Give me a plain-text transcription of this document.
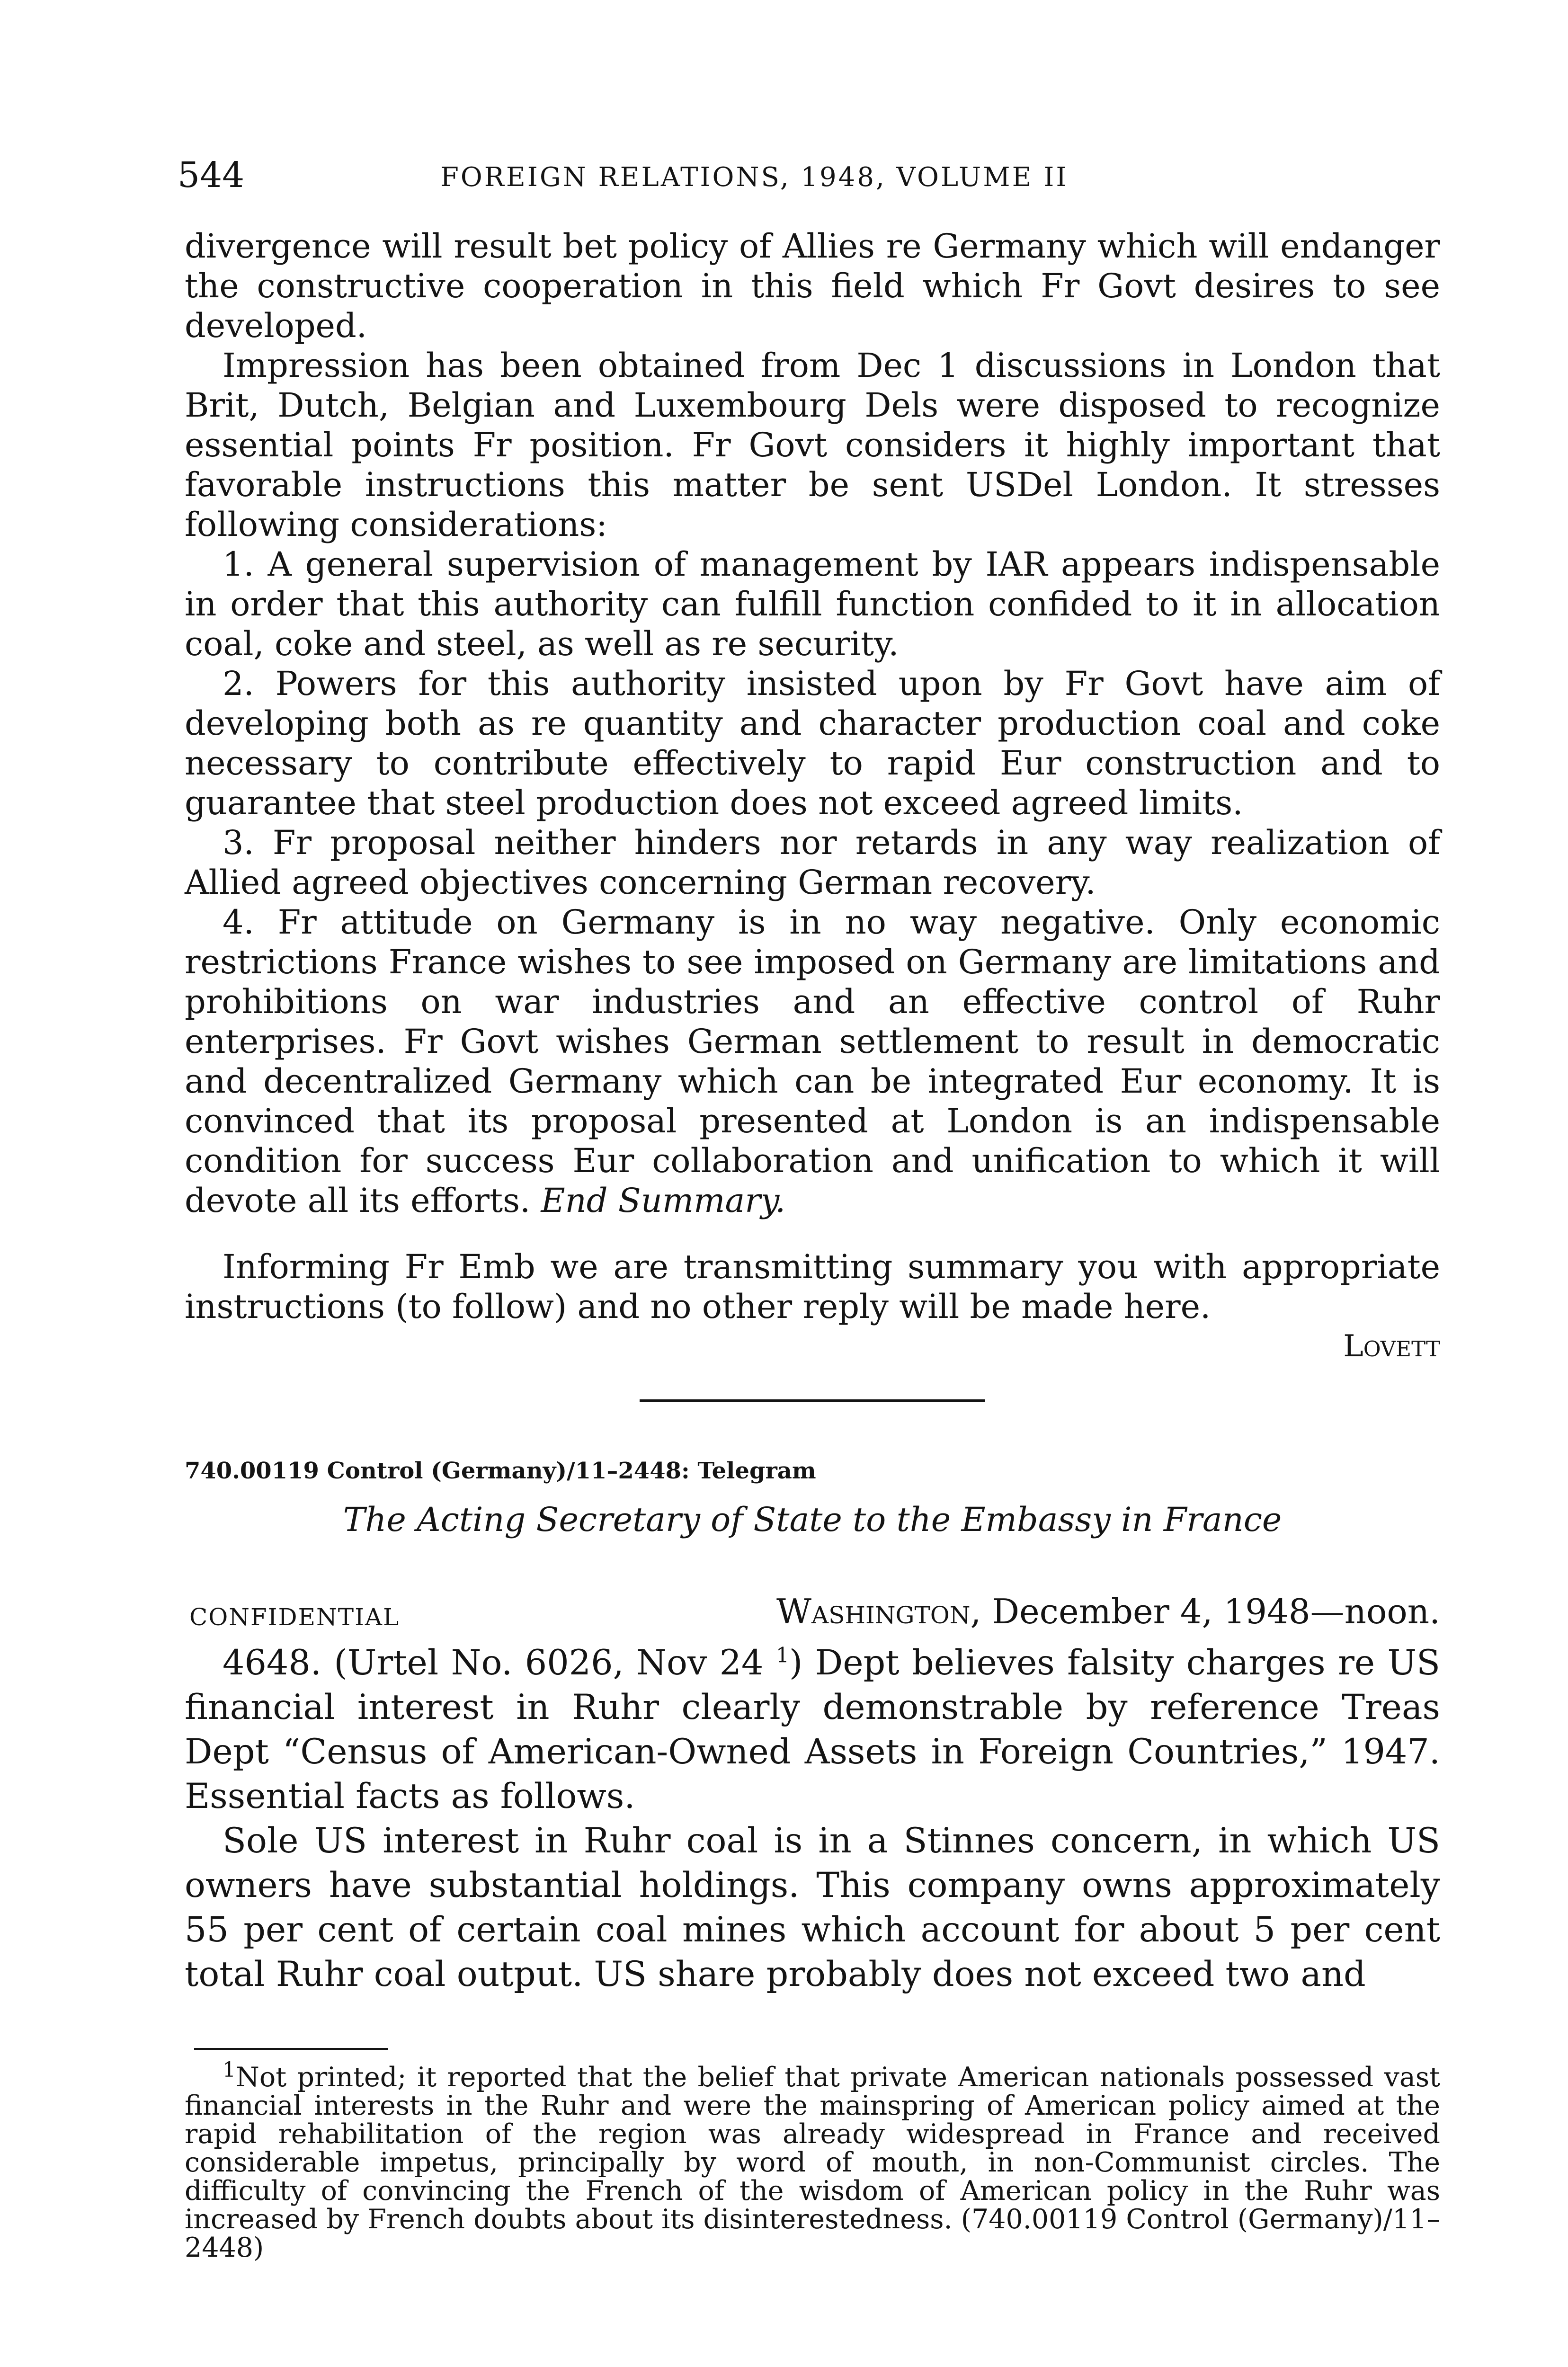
544	FOREIGN RELATIONS, 1948, VOLUME II

divergence will result bet policy of Allies re Germany which will endanger the constructive cooperation in this field which Fr Govt desires to see developed.

Impression has been obtained from Dec 1 discussions in London that Brit, Dutch, Belgian and Luxembourg Dels were disposed to recognize essential points Fr position. Fr Govt considers it highly important that favorable instructions this matter be sent USDel London. It stresses following considerations:

1. A general supervision of management by IAR appears indispensable in order that this authority can fulfill function confided to it in allocation coal, coke and steel, as well as re security.

2. Powers for this authority insisted upon by Fr Govt have aim of developing both as re quantity and character production coal and coke necessary to contribute effectively to rapid Eur construction and to guarantee that steel production does not exceed agreed limits.

3. Fr proposal neither hinders nor retards in any way realization of Allied agreed objectives concerning German recovery.

4. Fr attitude on Germany is in no way negative. Only economic restrictions France wishes to see imposed on Germany are limitations and prohibitions on war industries and an effective control of Ruhr enterprises. Fr Govt wishes German settlement to result in democratic and decentralized Germany which can be integrated Eur economy. It is convinced that its proposal presented at London is an indispensable condition for success Eur collaboration and unification to which it will devote all its efforts. End Summary.

Informing Fr Emb we are transmitting summary you with appropriate instructions (to follow) and no other reply will be made here.

Lovett

740.00119 Control (Germany)/11–2448: Telegram
The Acting Secretary of State to the Embassy in France
CONFIDENTIAL	Washington, December 4, 1948—noon.

4648. (Urtel No. 6026, Nov 24 $^1$) Dept believes falsity charges re US financial interest in Ruhr clearly demonstrable by reference Treas Dept “Census of American-Owned Assets in Foreign Countries,” 1947. Essential facts as follows.

Sole US interest in Ruhr coal is in a Stinnes concern, in which US owners have substantial holdings. This company owns approximately 55 per cent of certain coal mines which account for about 5 per cent total Ruhr coal output. US share probably does not exceed two and

$^1$Not printed; it reported that the belief that private American nationals possessed vast financial interests in the Ruhr and were the mainspring of American policy aimed at the rapid rehabilitation of the region was already widespread in France and received considerable impetus, principally by word of mouth, in non-Communist circles. The difficulty of convincing the French of the wisdom of American policy in the Ruhr was increased by French doubts about its disinterestedness. (740.00119 Control (Germany)/11–2448)
